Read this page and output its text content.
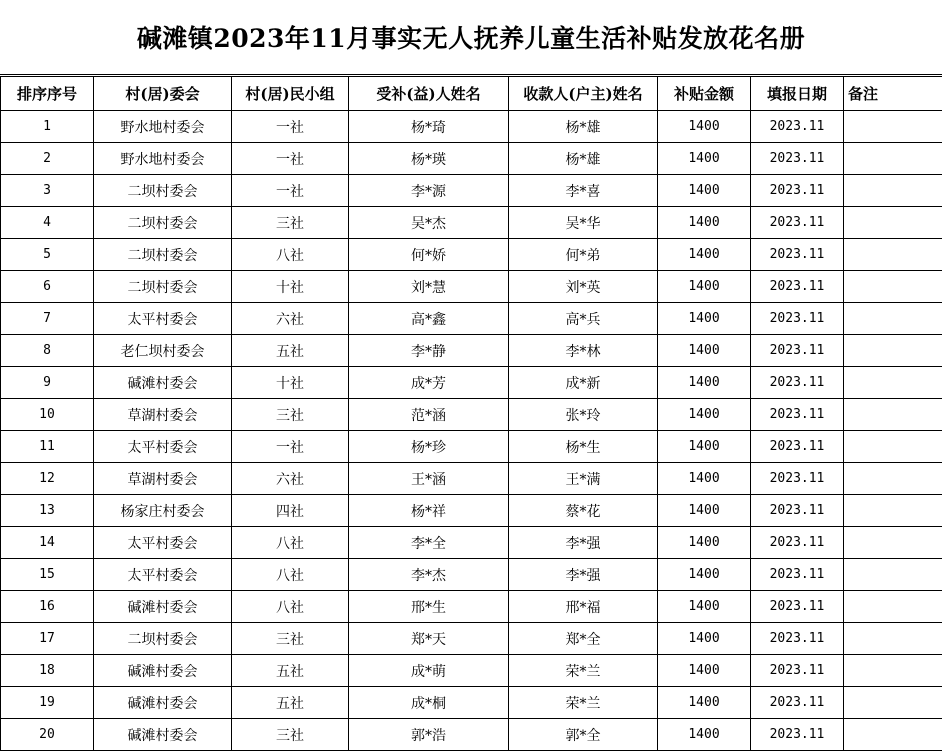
碱滩镇2023年11月事实无人抚养儿童生活补贴发放花名册
排序序号	村(居)委会	村(居)民小组	受补(益)人姓名	收款人(户主)姓名	补贴金额	填报日期	备注
1	野水地村委会	一社	杨*琦	杨*雄	1400	2023.11	
2	野水地村委会	一社	杨*瑛	杨*雄	1400	2023.11	
3	二坝村委会	一社	李*源	李*喜	1400	2023.11	
4	二坝村委会	三社	吴*杰	吴*华	1400	2023.11	
5	二坝村委会	八社	何*娇	何*弟	1400	2023.11	
6	二坝村委会	十社	刘*慧	刘*英	1400	2023.11	
7	太平村委会	六社	高*鑫	高*兵	1400	2023.11	
8	老仁坝村委会	五社	李*静	李*林	1400	2023.11	
9	碱滩村委会	十社	成*芳	成*新	1400	2023.11	
10	草湖村委会	三社	范*涵	张*玲	1400	2023.11	
11	太平村委会	一社	杨*珍	杨*生	1400	2023.11	
12	草湖村委会	六社	王*涵	王*满	1400	2023.11	
13	杨家庄村委会	四社	杨*祥	蔡*花	1400	2023.11	
14	太平村委会	八社	李*全	李*强	1400	2023.11	
15	太平村委会	八社	李*杰	李*强	1400	2023.11	
16	碱滩村委会	八社	邢*生	邢*福	1400	2023.11	
17	二坝村委会	三社	郑*天	郑*全	1400	2023.11	
18	碱滩村委会	五社	成*萌	荣*兰	1400	2023.11	
19	碱滩村委会	五社	成*桐	荣*兰	1400	2023.11	
20	碱滩村委会	三社	郭*浩	郭*全	1400	2023.11	
